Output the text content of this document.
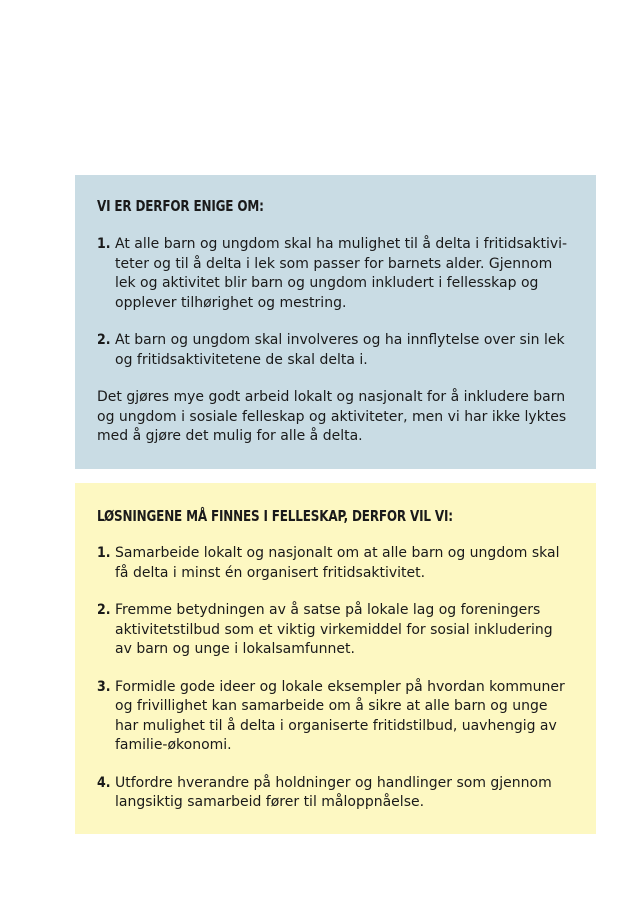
VI ER DERFOR ENIGE OM:
1. At alle barn og ungdom skal ha mulighet til å delta i fritidsaktivi-teter og til å delta i lek som passer for barnets alder. Gjennom lek og aktivitet blir barn og ungdom inkludert i fellesskap og opplever tilhørighet og mestring.
2. At barn og ungdom skal involveres og ha innflytelse over sin lek og fritidsaktivitetene de skal delta i.
Det gjøres mye godt arbeid lokalt og nasjonalt for å inkludere barn og ungdom i sosiale felleskap og aktiviteter, men vi har ikke lyktes med å gjøre det mulig for alle å delta.
LØSNINGENE MÅ FINNES I FELLESKAP, DERFOR VIL VI:
1. Samarbeide lokalt og nasjonalt om at alle barn og ungdom skal få delta i minst én organisert fritidsaktivitet.
2. Fremme betydningen av å satse på lokale lag og foreningers aktivitetstilbud som et viktig virkemiddel for sosial inkludering av barn og unge i lokalsamfunnet.
3. Formidle gode ideer og lokale eksempler på hvordan kommuner og frivillighet kan samarbeide om å sikre at alle barn og unge har mulighet til å delta i organiserte fritidstilbud, uavhengig av familie-økonomi.
4. Utfordre hverandre på holdninger og handlinger som gjennom langsiktig samarbeid fører til måloppnåelse.
